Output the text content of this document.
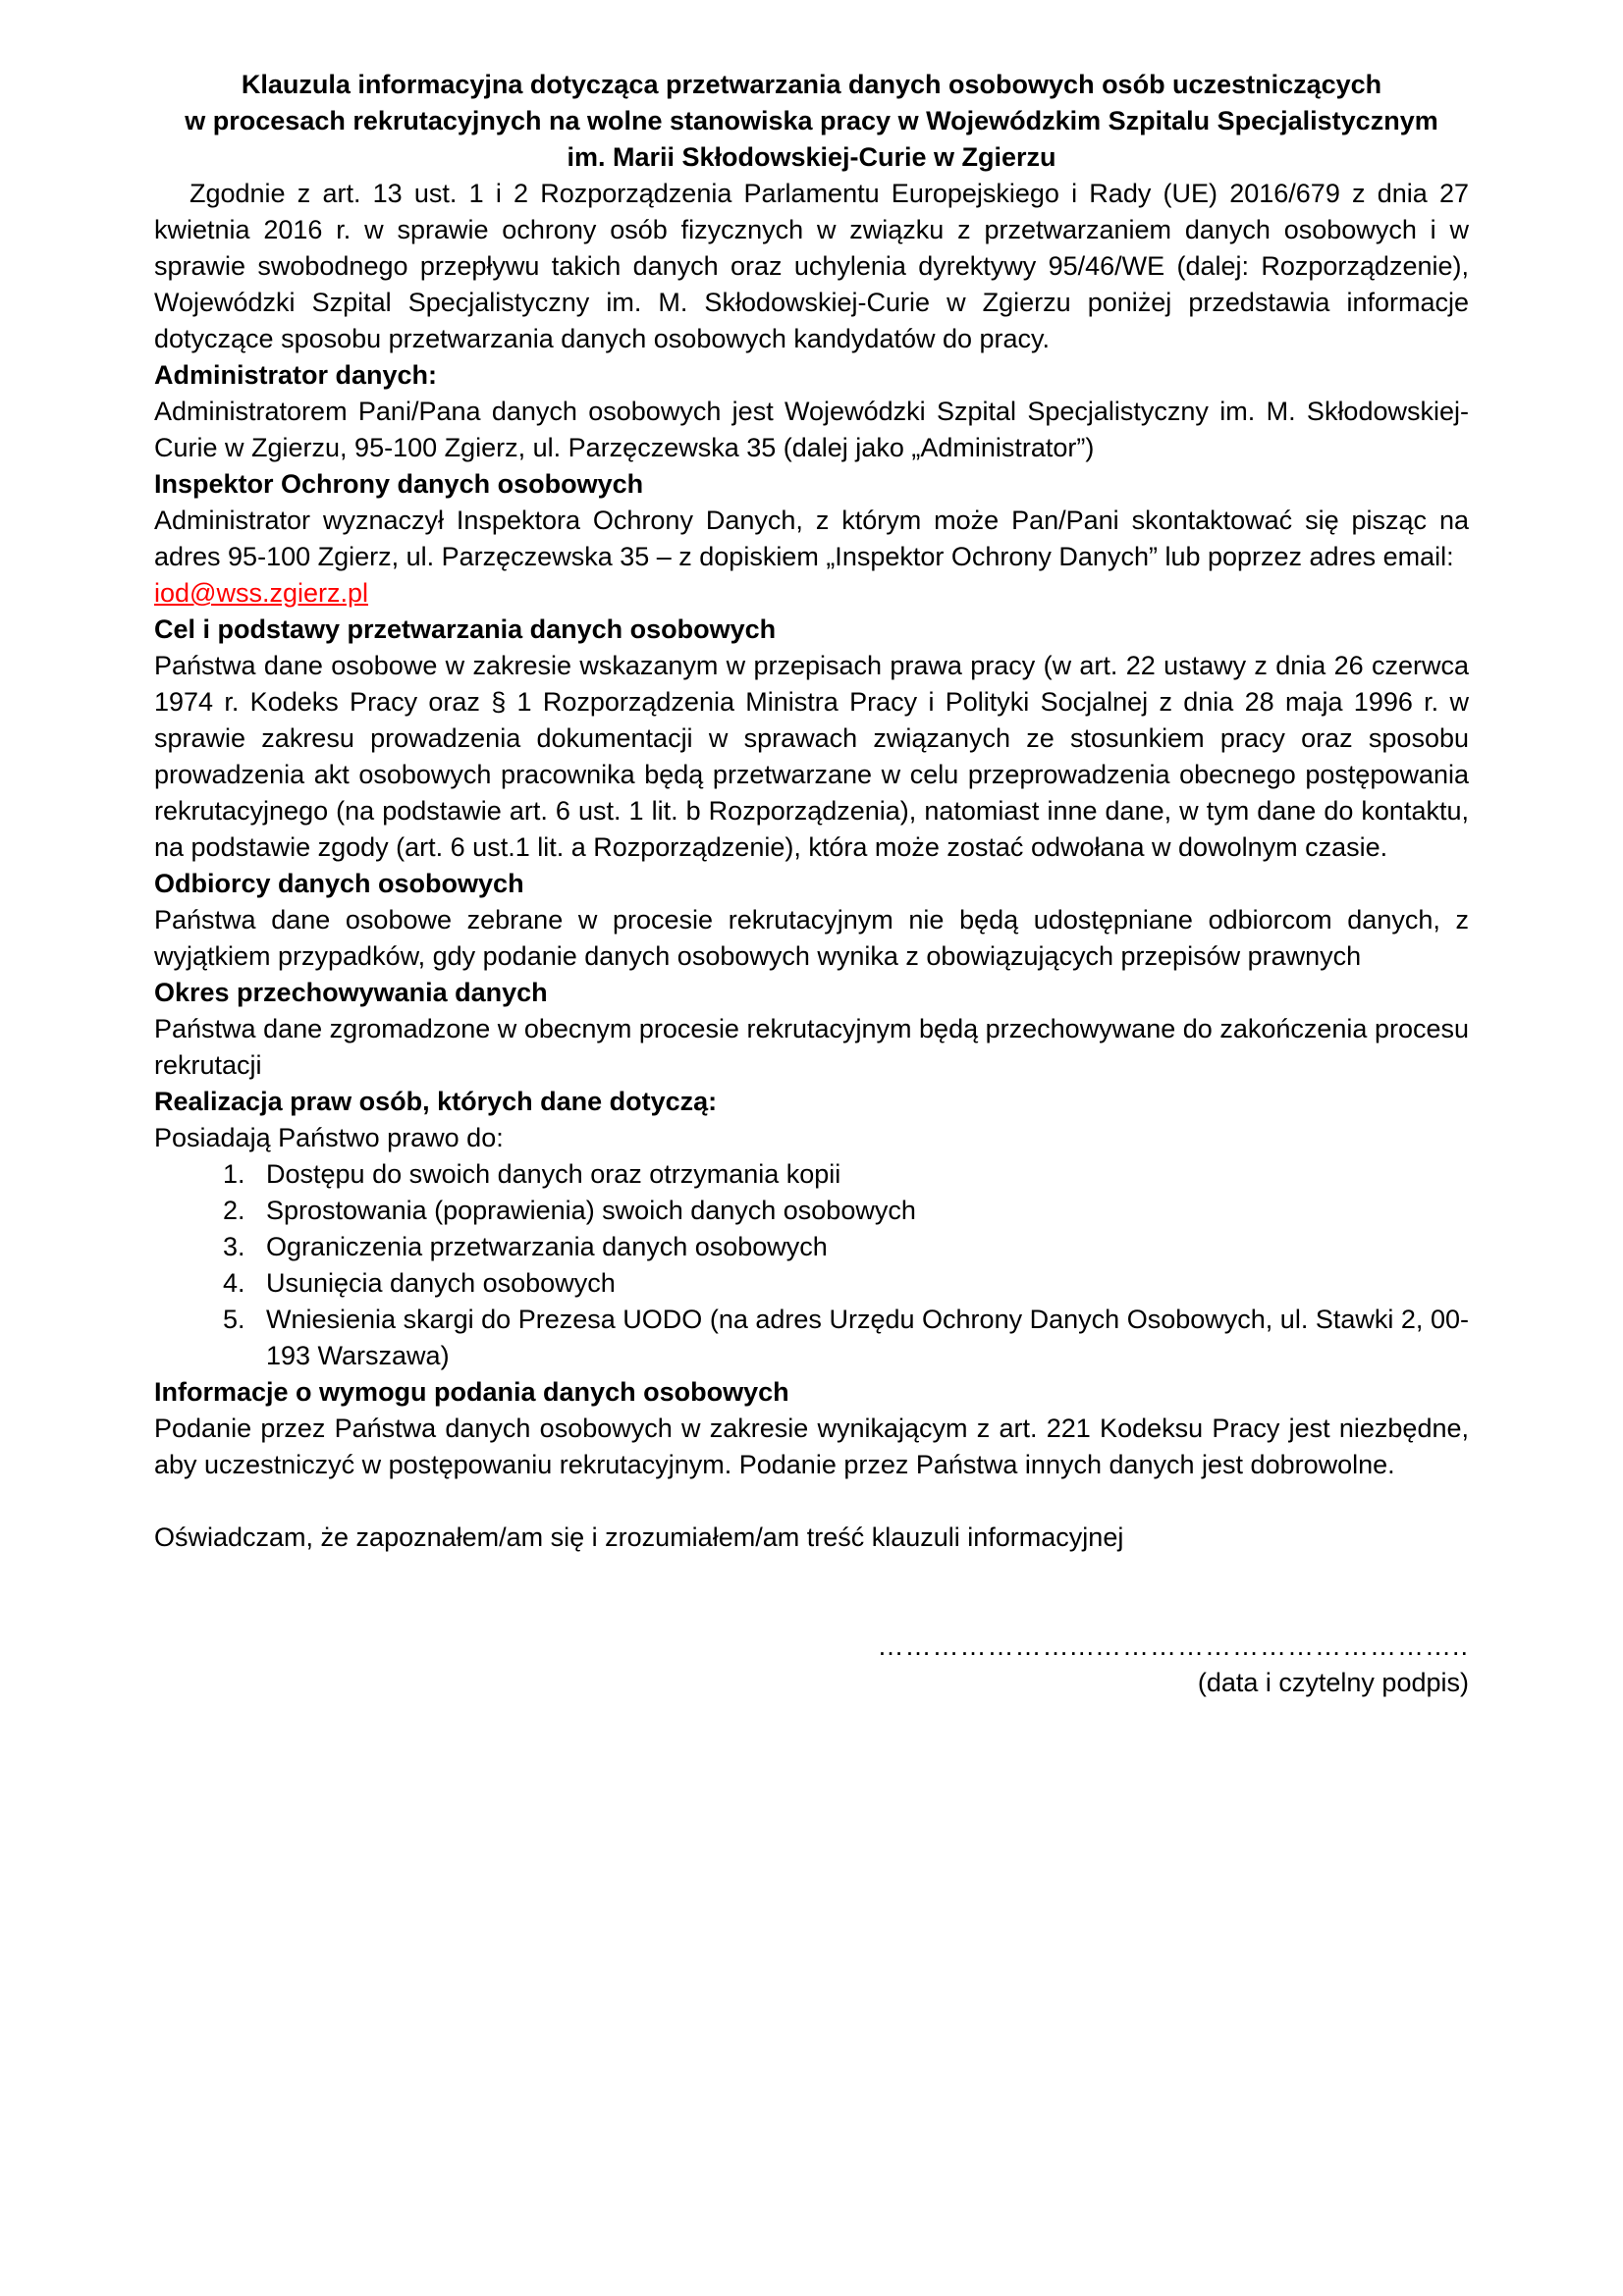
Klauzula informacyjna dotycząca przetwarzania danych osobowych osób uczestniczących
w procesach rekrutacyjnych na wolne stanowiska pracy w Wojewódzkim Szpitalu Specjalistycznym
im. Marii Skłodowskiej-Curie w Zgierzu

Zgodnie z art. 13 ust. 1 i 2 Rozporządzenia Parlamentu Europejskiego i Rady (UE) 2016/679 z dnia 27 kwietnia 2016 r. w sprawie ochrony osób fizycznych w związku z przetwarzaniem danych osobowych i w sprawie swobodnego przepływu takich danych oraz uchylenia dyrektywy 95/46/WE (dalej: Rozporządzenie), Wojewódzki Szpital Specjalistyczny im. M. Skłodowskiej-Curie w Zgierzu poniżej przedstawia informacje dotyczące sposobu przetwarzania danych osobowych kandydatów do pracy.

Administrator danych:

Administratorem Pani/Pana danych osobowych jest Wojewódzki Szpital Specjalistyczny im. M. Skłodowskiej-Curie w Zgierzu, 95-100 Zgierz, ul. Parzęczewska 35 (dalej jako „Administrator”)

Inspektor Ochrony danych osobowych

Administrator wyznaczył Inspektora Ochrony Danych, z którym może Pan/Pani skontaktować się pisząc na adres 95-100 Zgierz, ul. Parzęczewska 35 – z dopiskiem „Inspektor Ochrony Danych” lub poprzez adres email:

iod@wss.zgierz.pl

Cel i podstawy przetwarzania danych osobowych

Państwa dane osobowe w zakresie wskazanym w przepisach prawa pracy (w art. 22 ustawy z dnia 26 czerwca 1974 r. Kodeks Pracy oraz § 1 Rozporządzenia Ministra Pracy i Polityki Socjalnej z dnia 28 maja 1996 r. w sprawie zakresu prowadzenia dokumentacji w sprawach związanych ze stosunkiem pracy oraz sposobu prowadzenia akt osobowych pracownika będą przetwarzane w celu przeprowadzenia obecnego postępowania rekrutacyjnego (na podstawie art. 6 ust. 1 lit. b Rozporządzenia), natomiast inne dane, w tym dane do kontaktu, na podstawie zgody (art. 6 ust.1 lit. a Rozporządzenie), która może zostać odwołana w dowolnym czasie.

Odbiorcy danych osobowych

Państwa dane osobowe zebrane w procesie rekrutacyjnym nie będą udostępniane odbiorcom danych, z wyjątkiem przypadków, gdy podanie danych osobowych wynika z obowiązujących przepisów prawnych

Okres przechowywania danych

Państwa dane zgromadzone w obecnym procesie rekrutacyjnym będą przechowywane do zakończenia procesu rekrutacji

Realizacja praw osób, których dane dotyczą:

Posiadają Państwo prawo do:

1. Dostępu do swoich danych oraz otrzymania kopii
2. Sprostowania (poprawienia) swoich danych osobowych
3. Ograniczenia przetwarzania danych osobowych
4. Usunięcia danych osobowych
5. Wniesienia skargi do Prezesa UODO (na adres Urzędu Ochrony Danych Osobowych, ul. Stawki 2, 00-193 Warszawa)
Informacje o wymogu podania danych osobowych

Podanie przez Państwa danych osobowych w zakresie wynikającym z art. 221 Kodeksu Pracy jest niezbędne, aby uczestniczyć w postępowaniu rekrutacyjnym. Podanie przez Państwa innych danych jest dobrowolne.

Oświadczam, że zapoznałem/am się i zrozumiałem/am treść klauzuli informacyjnej

…………………...…………………………………..
(data i czytelny podpis)
